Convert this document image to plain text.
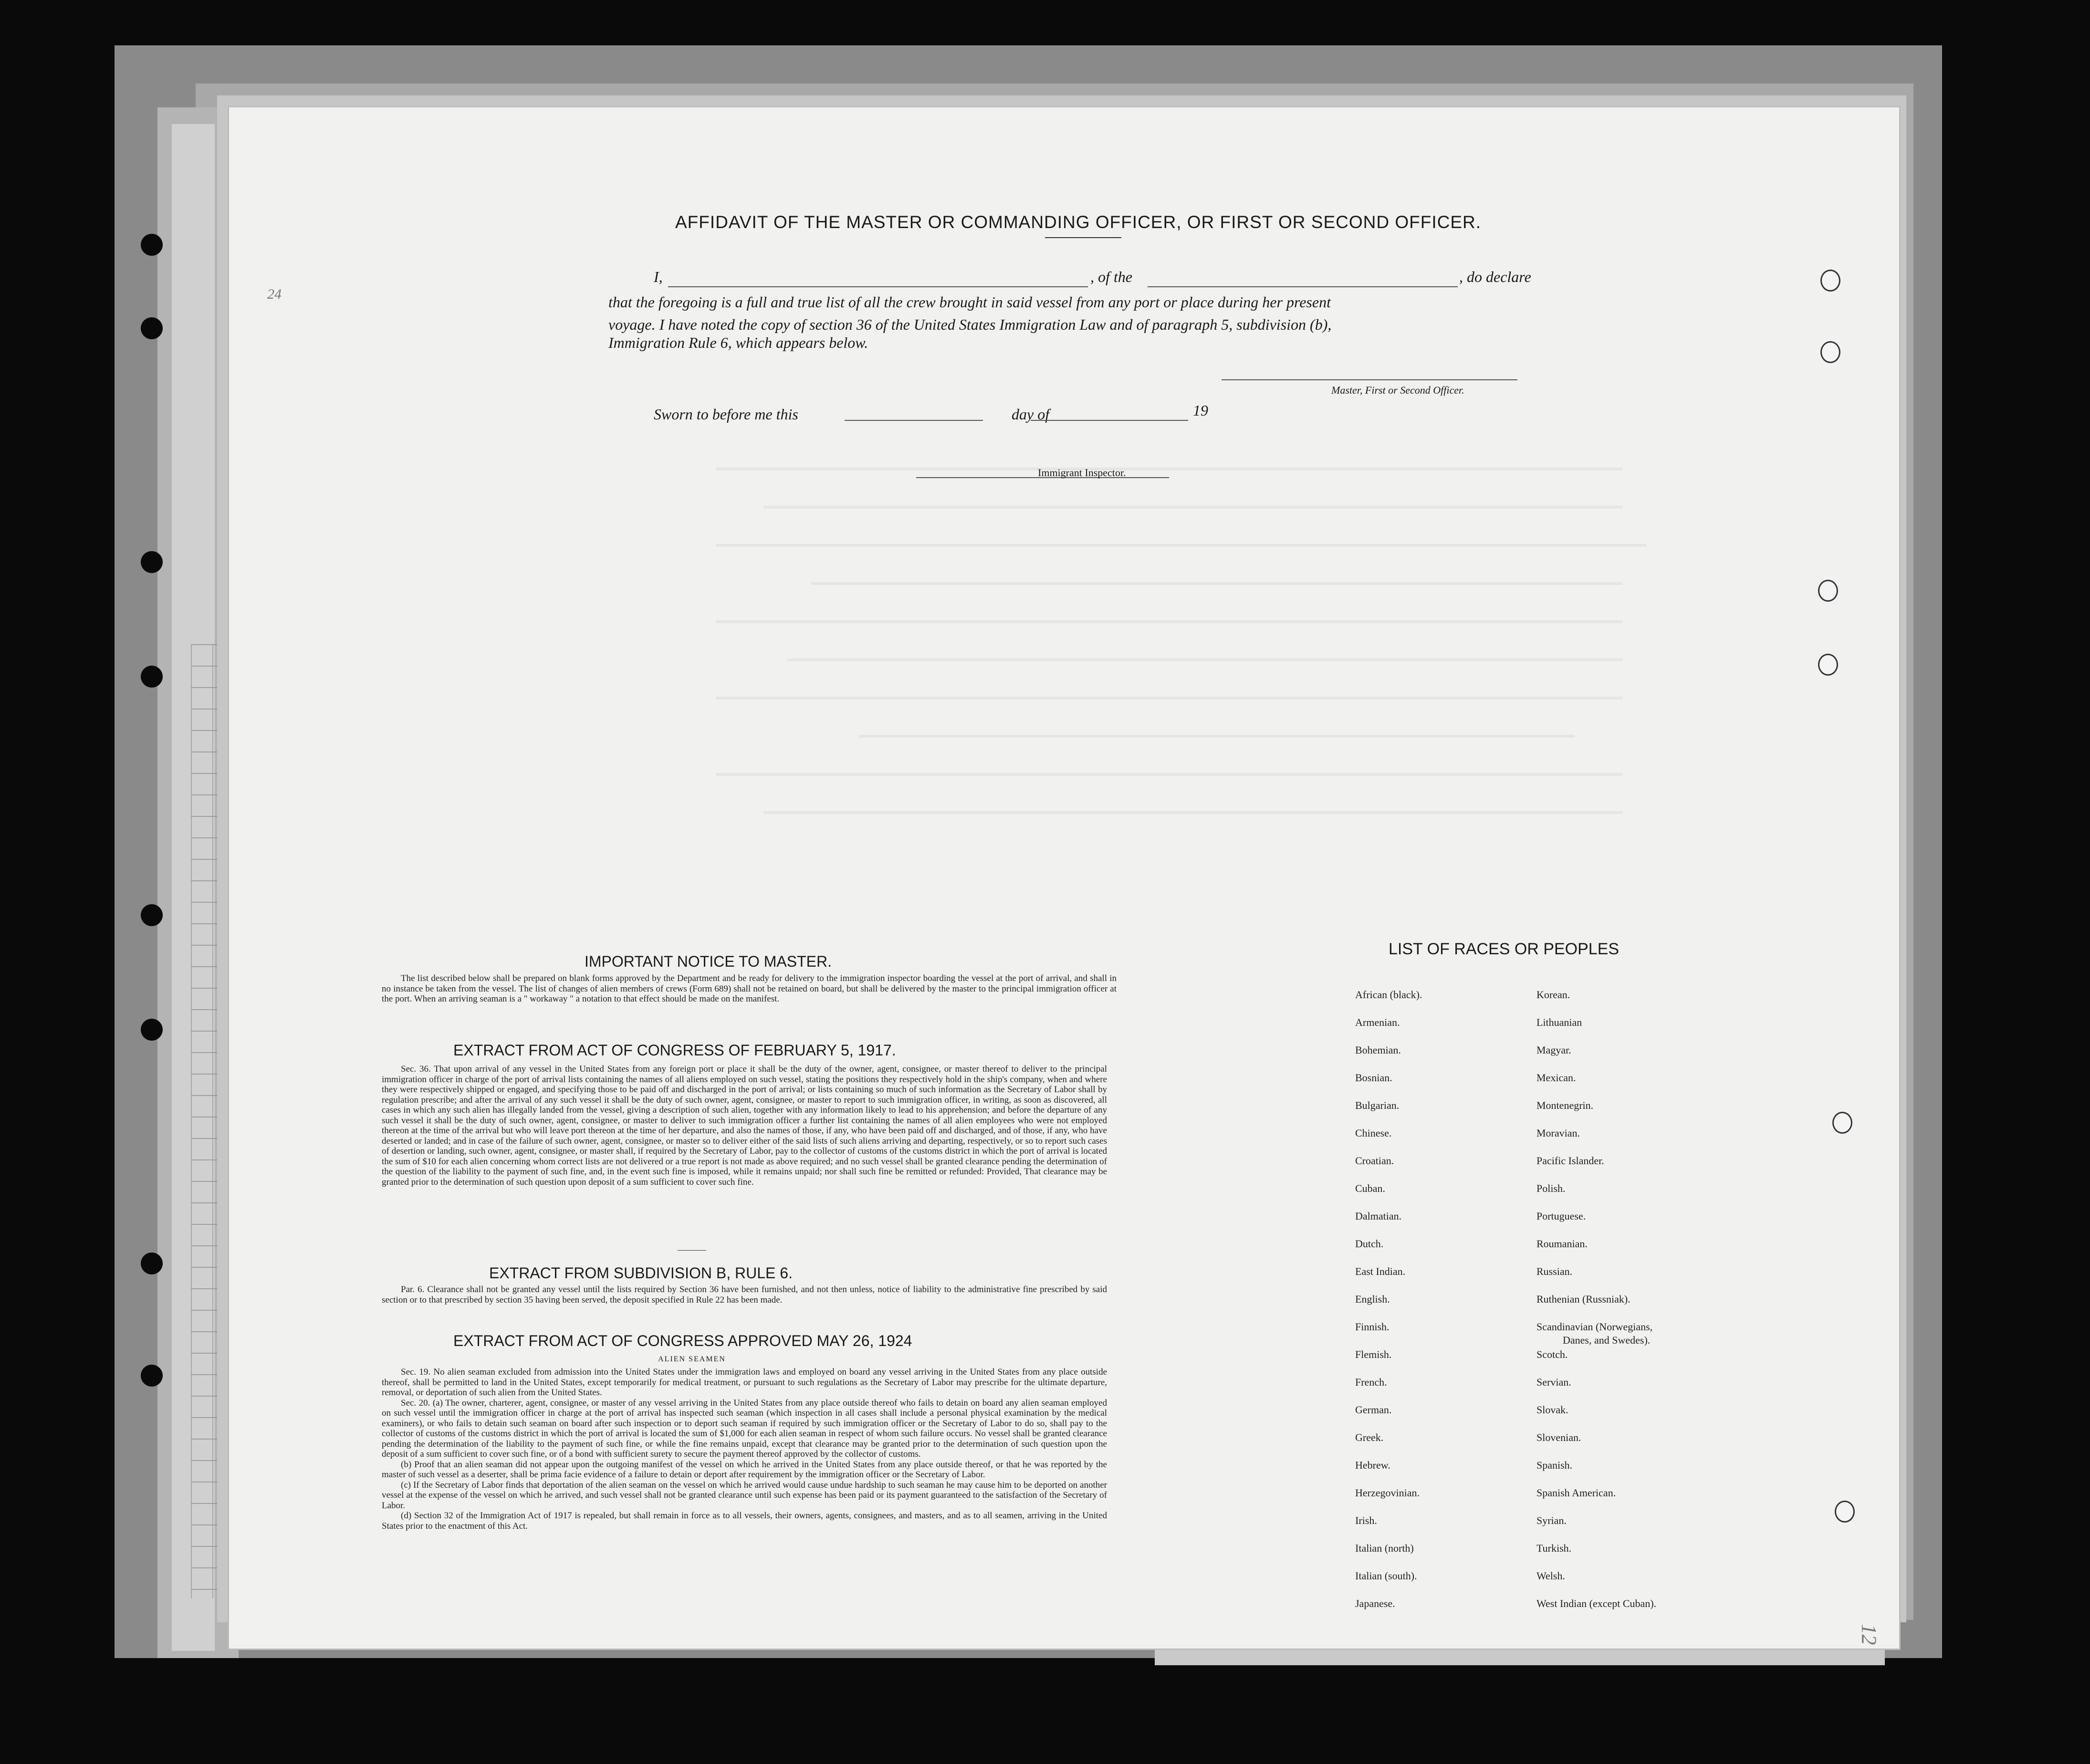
24
12
AFFIDAVIT OF THE MASTER OR COMMANDING OFFICER, OR FIRST OR SECOND OFFICER.
I,	, of the	, do declare
that the foregoing is a full and true list of all the crew brought in said vessel from any port or place during her present
voyage. I have noted the copy of section 36 of the United States Immigration Law and of paragraph 5, subdivision (b),
Immigration Rule 6, which appears below.
Master, First or Second Officer.
Sworn to before me this	day of	19
Immigrant Inspector.
IMPORTANT NOTICE TO MASTER.

The list described below shall be prepared on blank forms approved by the Department and be ready for delivery to the immigration inspector boarding the vessel at the port of arrival, and shall in no instance be taken from the vessel. The list of changes of alien members of crews (Form 689) shall not be retained on board, but shall be delivered by the master to the principal immigration officer at the port. When an arriving seaman is a " workaway " a notation to that effect should be made on the manifest.

EXTRACT FROM ACT OF CONGRESS OF FEBRUARY 5, 1917.

Sec. 36. That upon arrival of any vessel in the United States from any foreign port or place it shall be the duty of the owner, agent, consignee, or master thereof to deliver to the principal immigration officer in charge of the port of arrival lists containing the names of all aliens employed on such vessel, stating the positions they respectively hold in the ship's company, when and where they were respectively shipped or engaged, and specifying those to be paid off and discharged in the port of arrival; or lists containing so much of such information as the Secretary of Labor shall by regulation prescribe; and after the arrival of any such vessel it shall be the duty of such owner, agent, consignee, or master to report to such immigration officer, in writing, as soon as discovered, all cases in which any such alien has illegally landed from the vessel, giving a description of such alien, together with any information likely to lead to his apprehension; and before the departure of any such vessel it shall be the duty of such owner, agent, consignee, or master to deliver to such immigration officer a further list containing the names of all alien employees who were not employed thereon at the time of the arrival but who will leave port thereon at the time of her departure, and also the names of those, if any, who have been paid off and discharged, and of those, if any, who have deserted or landed; and in case of the failure of such owner, agent, consignee, or master so to deliver either of the said lists of such aliens arriving and departing, respectively, or so to report such cases of desertion or landing, such owner, agent, consignee, or master shall, if required by the Secretary of Labor, pay to the collector of customs of the customs district in which the port of arrival is located the sum of $10 for each alien concerning whom correct lists are not delivered or a true report is not made as above required; and no such vessel shall be granted clearance pending the determination of the question of the liability to the payment of such fine, and, in the event such fine is imposed, while it remains unpaid; nor shall such fine be remitted or refunded: Provided, That clearance may be granted prior to the determination of such question upon deposit of a sum sufficient to cover such fine.

EXTRACT FROM SUBDIVISION B, RULE 6.

Par. 6. Clearance shall not be granted any vessel until the lists required by Section 36 have been furnished, and not then unless, notice of liability to the administrative fine prescribed by said section or to that prescribed by section 35 having been served, the deposit specified in Rule 22 has been made.

EXTRACT FROM ACT OF CONGRESS APPROVED MAY 26, 1924
ALIEN SEAMEN

Sec. 19. No alien seaman excluded from admission into the United States under the immigration laws and employed on board any vessel arriving in the United States from any place outside thereof, shall be permitted to land in the United States, except temporarily for medical treatment, or pursuant to such regulations as the Secretary of Labor may prescribe for the ultimate departure, removal, or deportation of such alien from the United States.

Sec. 20. (a) The owner, charterer, agent, consignee, or master of any vessel arriving in the United States from any place outside thereof who fails to detain on board any alien seaman employed on such vessel until the immigration officer in charge at the port of arrival has inspected such seaman (which inspection in all cases shall include a personal physical examination by the medical examiners), or who fails to detain such seaman on board after such inspection or to deport such seaman if required by such immigration officer or the Secretary of Labor to do so, shall pay to the collector of customs of the customs district in which the port of arrival is located the sum of $1,000 for each alien seaman in respect of whom such failure occurs. No vessel shall be granted clearance pending the determination of the liability to the payment of such fine, or while the fine remains unpaid, except that clearance may be granted prior to the determination of such question upon the deposit of a sum sufficient to cover such fine, or of a bond with sufficient surety to secure the payment thereof approved by the collector of customs.

(b) Proof that an alien seaman did not appear upon the outgoing manifest of the vessel on which he arrived in the United States from any place outside thereof, or that he was reported by the master of such vessel as a deserter, shall be prima facie evidence of a failure to detain or deport after requirement by the immigration officer or the Secretary of Labor.

(c) If the Secretary of Labor finds that deportation of the alien seaman on the vessel on which he arrived would cause undue hardship to such seaman he may cause him to be deported on another vessel at the expense of the vessel on which he arrived, and such vessel shall not be granted clearance until such expense has been paid or its payment guaranteed to the satisfaction of the Secretary of Labor.

(d) Section 32 of the Immigration Act of 1917 is repealed, but shall remain in force as to all vessels, their owners, agents, consignees, and masters, and as to all seamen, arriving in the United States prior to the enactment of this Act.

LIST OF RACES OR PEOPLES
African (black).
Armenian.
Bohemian.
Bosnian.
Bulgarian.
Chinese.
Croatian.
Cuban.
Dalmatian.
Dutch.
East Indian.
English.
Finnish.
Flemish.
French.
German.
Greek.
Hebrew.
Herzegovinian.
Irish.
Italian (north)
Italian (south).
Japanese.
Korean.
Lithuanian
Magyar.
Mexican.
Montenegrin.
Moravian.
Pacific Islander.
Polish.
Portuguese.
Roumanian.
Russian.
Ruthenian (Russniak).
Scandinavian (Norwegians,
Danes, and Swedes).
Scotch.
Servian.
Slovak.
Slovenian.
Spanish.
Spanish American.
Syrian.
Turkish.
Welsh.
West Indian (except Cuban).
